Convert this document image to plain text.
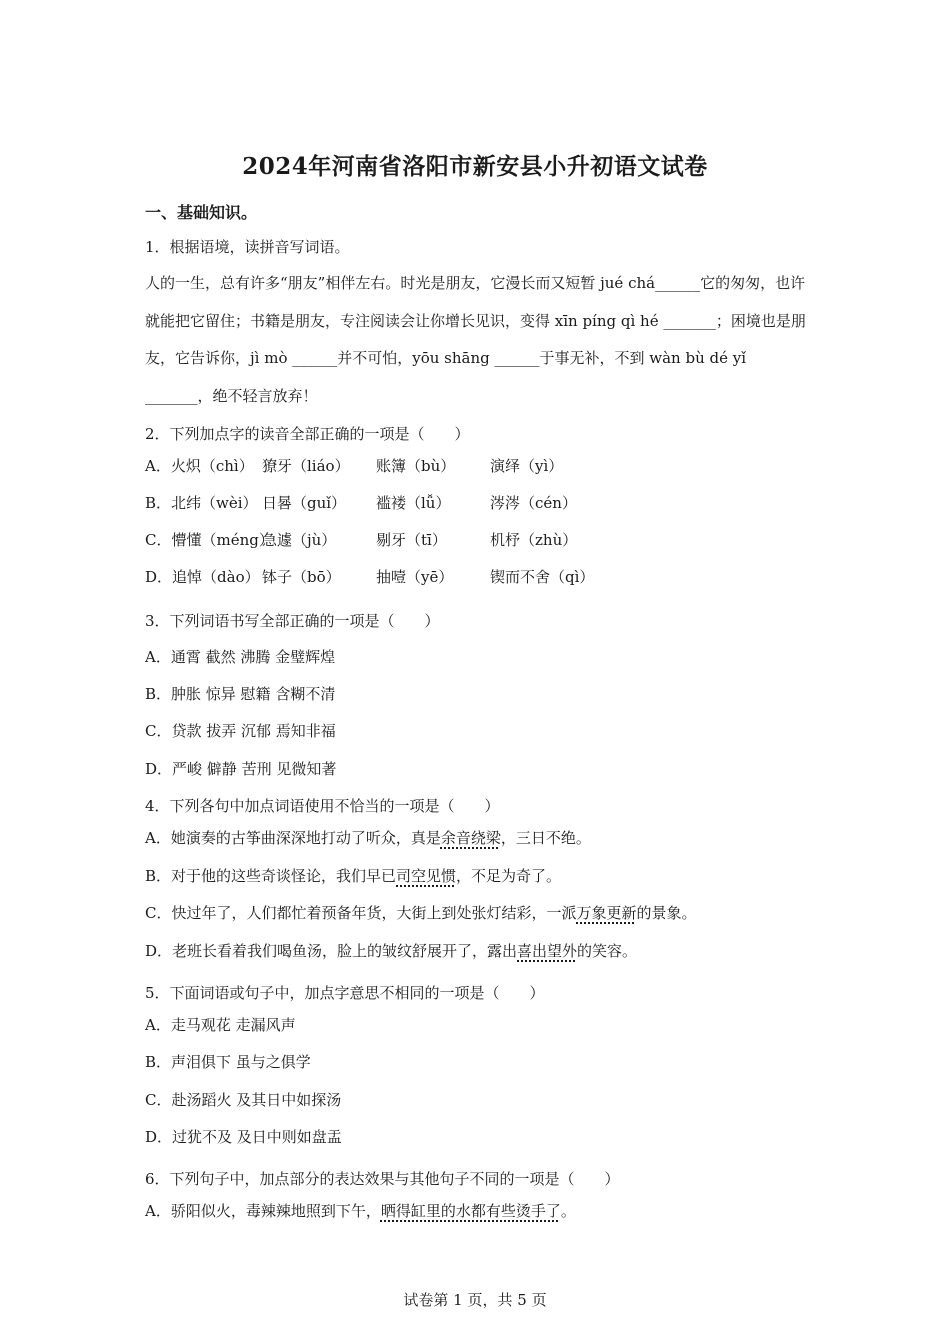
2024年河南省洛阳市新安县小升初语文试卷
一、基础知识。
1．根据语境，读拼音写词语。
人的一生，总有许多“朋友”相伴左右。时光是朋友，它漫长而又短暂 jué chá______它的匆匆，也许就能把它留住；书籍是朋友，专注阅读会让你增长见识，变得 xīn píng qì hé _______；困境也是朋友，它告诉你，jì mò ______并不可怕，yōu shāng ______于事无补，不到 wàn bù dé yǐ _______，绝不轻言放弃！
2．下列加点字的读音全部正确的一项是（　　）
A．火炽（chì） 獠牙（liáo） 账簿（bù） 演绎（yì）
B．北纬（wèi） 日晷（guǐ） 褴褛（lǚ）	涔涔（cén）
C．懵懂（méng）急遽（jù）	剔牙（tī）	机杼（zhù）
D．追悼（dào） 钵子（bō） 抽噎（yē） 锲而不舍（qì）
3．下列词语书写全部正确的一项是（　　）
A．通霄 截然 沸腾 金璧辉煌
B．肿胀 惊异 慰籍 含糊不清
C．贷款 拔弄 沉郁 焉知非福
D．严峻 僻静 苦刑 见微知著
4．下列各句中加点词语使用不恰当的一项是（　　）
A．她演奏的古筝曲深深地打动了听众，真是余音绕梁，三日不绝。
B．对于他的这些奇谈怪论，我们早已司空见惯，不足为奇了。
C．快过年了，人们都忙着预备年货，大街上到处张灯结彩，一派万象更新的景象。
D．老班长看着我们喝鱼汤，脸上的皱纹舒展开了，露出喜出望外的笑容。
5．下面词语或句子中，加点字意思不相同的一项是（　　）
A．走马观花 走漏风声
B．声泪俱下 虽与之俱学
C．赴汤蹈火 及其日中如探汤
D．过犹不及 及日中则如盘盂
6．下列句子中，加点部分的表达效果与其他句子不同的一项是（　　）
A．骄阳似火，毒辣辣地照到下午，晒得缸里的水都有些烫手了。
试卷第 1 页，共 5 页
